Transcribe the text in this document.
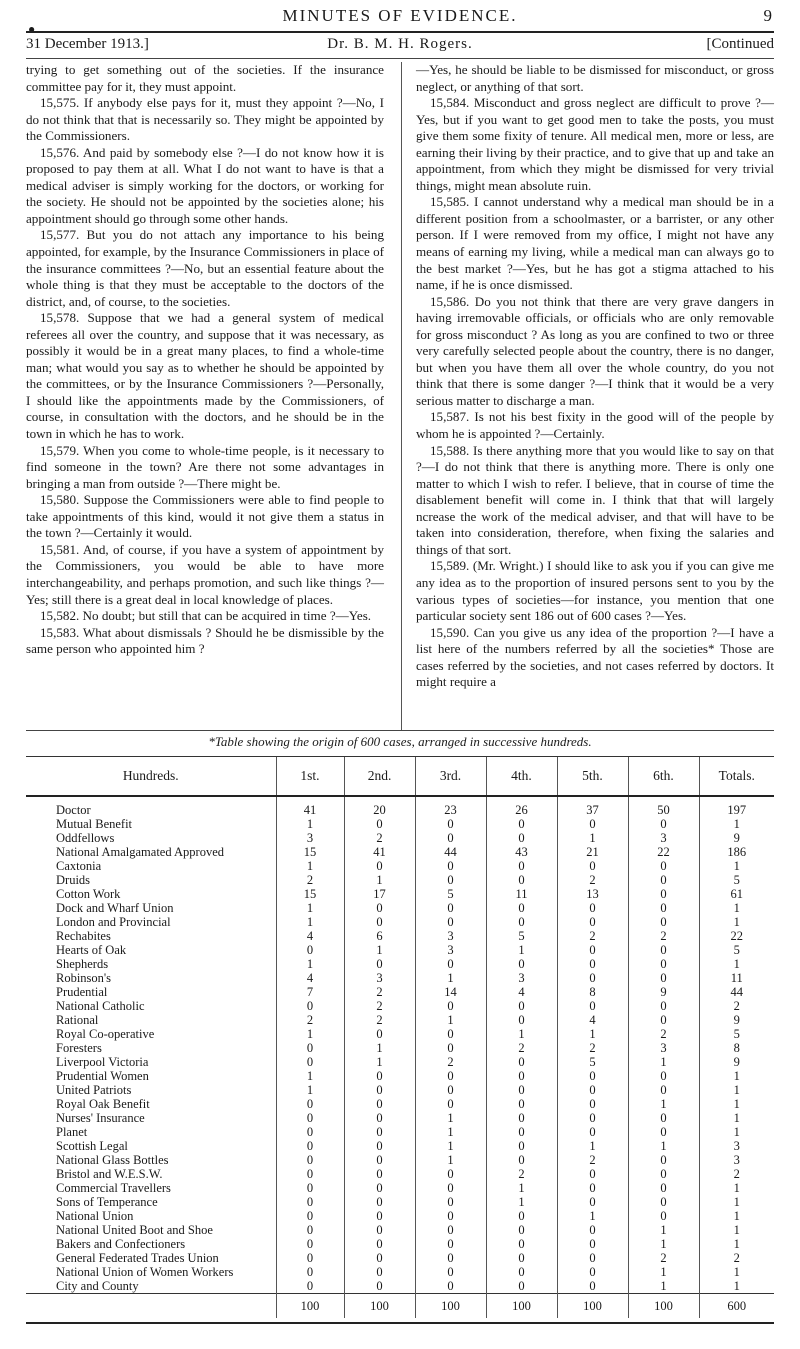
●
MINUTES OF EVIDENCE.	9
31 December 1913.]	Dr. B. M. H. Rogers.	[Continued

trying to get something out of the societies. If the insurance committee pay for it, they must appoint.

15,575. If anybody else pays for it, must they appoint ?—No, I do not think that that is necessarily so. They might be appointed by the Commissioners.

15,576. And paid by somebody else ?—I do not know how it is proposed to pay them at all. What I do not want to have is that a medical adviser is simply working for the doctors, or working for the society. He should not be appointed by the societies alone; his appointment should go through some other hands.

15,577. But you do not attach any importance to his being appointed, for example, by the Insurance Commissioners in place of the insurance committees ?—No, but an essential feature about the whole thing is that they must be acceptable to the doctors of the district, and, of course, to the societies.

15,578. Suppose that we had a general system of medical referees all over the country, and suppose that it was necessary, as possibly it would be in a great many places, to find a whole-time man; what would you say as to whether he should be appointed by the committees, or by the Insurance Commissioners ?—Personally, I should like the appointments made by the Commissioners, of course, in consultation with the doctors, and he should be in the town in which he has to work.

15,579. When you come to whole-time people, is it necessary to find someone in the town? Are there not some advantages in bringing a man from outside ?—There might be.

15,580. Suppose the Commissioners were able to find people to take appointments of this kind, would it not give them a status in the town ?—Certainly it would.

15,581. And, of course, if you have a system of appointment by the Commissioners, you would be able to have more interchangeability, and perhaps promotion, and such like things ?—Yes; still there is a great deal in local knowledge of places.

15,582. No doubt; but still that can be acquired in time ?—Yes.

15,583. What about dismissals ? Should he be dismissible by the same person who appointed him ?

—Yes, he should be liable to be dismissed for misconduct, or gross neglect, or anything of that sort.

15,584. Misconduct and gross neglect are difficult to prove ?—Yes, but if you want to get good men to take the posts, you must give them some fixity of tenure. All medical men, more or less, are earning their living by their practice, and to give that up and take an appointment, from which they might be dismissed for very trivial things, might mean absolute ruin.

15,585. I cannot understand why a medical man should be in a different position from a schoolmaster, or a barrister, or any other person. If I were removed from my office, I might not have any means of earning my living, while a medical man can always go to the best market ?—Yes, but he has got a stigma attached to his name, if he is once dismissed.

15,586. Do you not think that there are very grave dangers in having irremovable officials, or officials who are only removable for gross misconduct ? As long as you are confined to two or three very carefully selected people about the country, there is no danger, but when you have them all over the whole country, do you not think that there is some danger ?—I think that it would be a very serious matter to discharge a man.

15,587. Is not his best fixity in the good will of the people by whom he is appointed ?—Certainly.

15,588. Is there anything more that you would like to say on that ?—I do not think that there is anything more. There is only one matter to which I wish to refer. I believe, that in course of time the disablement benefit will come in. I think that that will largely ncrease the work of the medical adviser, and that will have to be taken into consideration, therefore, when fixing the salaries and things of that sort.

15,589. (Mr. Wright.) I should like to ask you if you can give me any idea as to the proportion of insured persons sent to you by the various types of societies—for instance, you mention that one particular society sent 186 out of 600 cases ?—Yes.

15,590. Can you give us any idea of the proportion ?—I have a list here of the numbers referred by all the societies* Those are cases referred by the societies, and not cases referred by doctors. It might require a

*Table showing the origin of 600 cases, arranged in successive hundreds.
Hundreds.	1st.	2nd.	3rd.	4th.	5th.	6th.	Totals.
Doctor	41	20	23	26	37	50	197
Mutual Benefit	1	0	0	0	0	0	1
Oddfellows	3	2	0	0	1	3	9
National Amalgamated Approved	15	41	44	43	21	22	186
Caxtonia	1	0	0	0	0	0	1
Druids	2	1	0	0	2	0	5
Cotton Work	15	17	5	11	13	0	61
Dock and Wharf Union	1	0	0	0	0	0	1
London and Provincial	1	0	0	0	0	0	1
Rechabites	4	6	3	5	2	2	22
Hearts of Oak	0	1	3	1	0	0	5
Shepherds	1	0	0	0	0	0	1
Robinson's	4	3	1	3	0	0	11
Prudential	7	2	14	4	8	9	44
National Catholic	0	2	0	0	0	0	2
Rational	2	2	1	0	4	0	9
Royal Co-operative	1	0	0	1	1	2	5
Foresters	0	1	0	2	2	3	8
Liverpool Victoria	0	1	2	0	5	1	9
Prudential Women	1	0	0	0	0	0	1
United Patriots	1	0	0	0	0	0	1
Royal Oak Benefit	0	0	0	0	0	1	1
Nurses' Insurance	0	0	1	0	0	0	1
Planet	0	0	1	0	0	0	1
Scottish Legal	0	0	1	0	1	1	3
National Glass Bottles	0	0	1	0	2	0	3
Bristol and W.E.S.W.	0	0	0	2	0	0	2
Commercial Travellers	0	0	0	1	0	0	1
Sons of Temperance	0	0	0	1	0	0	1
National Union	0	0	0	0	1	0	1
National United Boot and Shoe	0	0	0	0	0	1	1
Bakers and Confectioners	0	0	0	0	0	1	1
General Federated Trades Union	0	0	0	0	0	2	2
National Union of Women Workers	0	0	0	0	0	1	1
City and County	0	0	0	0	0	1	1
	100	100	100	100	100	100	600
